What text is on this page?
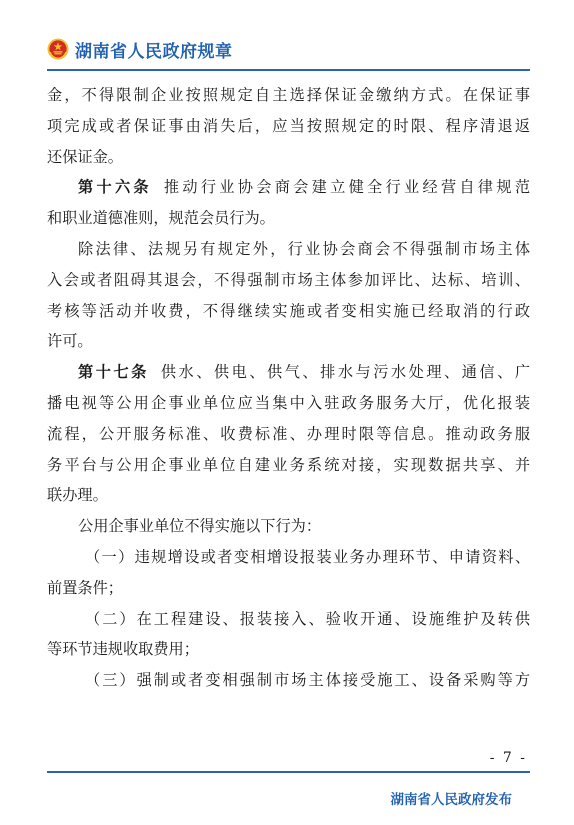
湖南省人民政府规章
金，不得限制企业按照规定自主选择保证金缴纳方式。在保证事
项完成或者保证事由消失后，应当按照规定的时限、程序清退返
还保证金。
第十六条 推动行业协会商会建立健全行业经营自律规范
和职业道德准则，规范会员行为。
除法律、法规另有规定外，行业协会商会不得强制市场主体
入会或者阻碍其退会，不得强制市场主体参加评比、达标、培训、
考核等活动并收费，不得继续实施或者变相实施已经取消的行政
许可。
第十七条 供水、供电、供气、排水与污水处理、通信、广
播电视等公用企事业单位应当集中入驻政务服务大厅，优化报装
流程，公开服务标准、收费标准、办理时限等信息。推动政务服
务平台与公用企事业单位自建业务系统对接，实现数据共享、并
联办理。
公用企事业单位不得实施以下行为：
（一）违规增设或者变相增设报装业务办理环节、申请资料、
前置条件；
（二）在工程建设、报装接入、验收开通、设施维护及转供
等环节违规收取费用；
（三）强制或者变相强制市场主体接受施工、设备采购等方
- 7 -
湖南省人民政府发布
